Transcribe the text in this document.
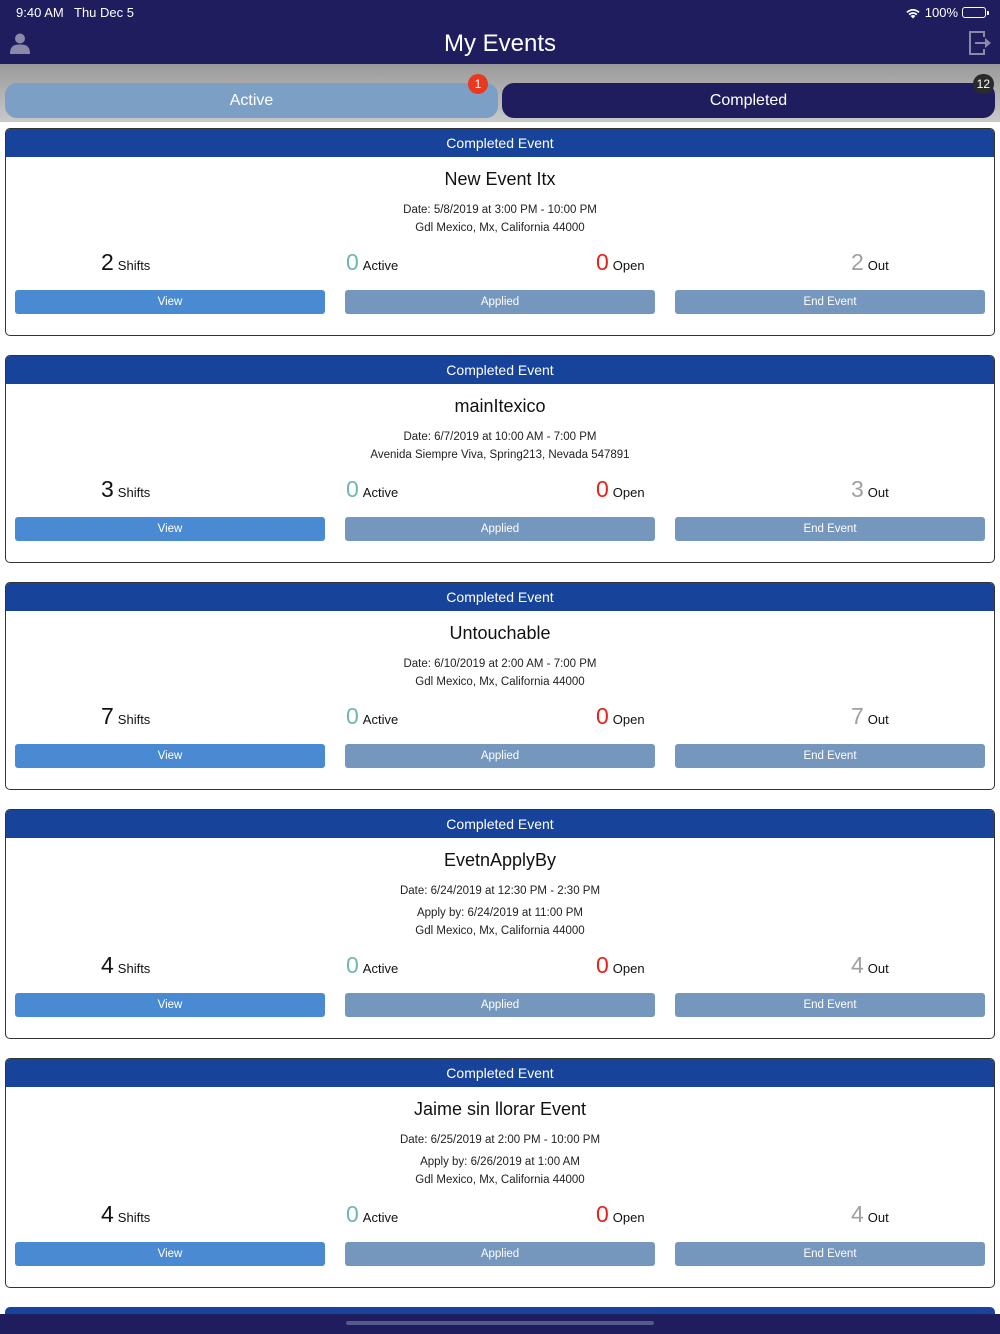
9:40 AM Thu Dec 5	100%
My Events
Active
1
Completed
12
Completed Event
New Event Itx
Date: 5/8/2019 at 3:00 PM - 10:00 PM
Gdl Mexico, Mx, California 44000
2 Shifts	0 Active	0 Open	2 Out
View	Applied	End Event
Completed Event
mainItexico
Date: 6/7/2019 at 10:00 AM - 7:00 PM
Avenida Siempre Viva, Spring213, Nevada 547891
3 Shifts	0 Active	0 Open	3 Out
View	Applied	End Event
Completed Event
Untouchable
Date: 6/10/2019 at 2:00 AM - 7:00 PM
Gdl Mexico, Mx, California 44000
7 Shifts	0 Active	0 Open	7 Out
View	Applied	End Event
Completed Event
EvetnApplyBy
Date: 6/24/2019 at 12:30 PM - 2:30 PM
Apply by: 6/24/2019 at 11:00 PM
Gdl Mexico, Mx, California 44000
4 Shifts	0 Active	0 Open	4 Out
View	Applied	End Event
Completed Event
Jaime sin llorar Event
Date: 6/25/2019 at 2:00 PM - 10:00 PM
Apply by: 6/26/2019 at 1:00 AM
Gdl Mexico, Mx, California 44000
4 Shifts	0 Active	0 Open	4 Out
View	Applied	End Event
